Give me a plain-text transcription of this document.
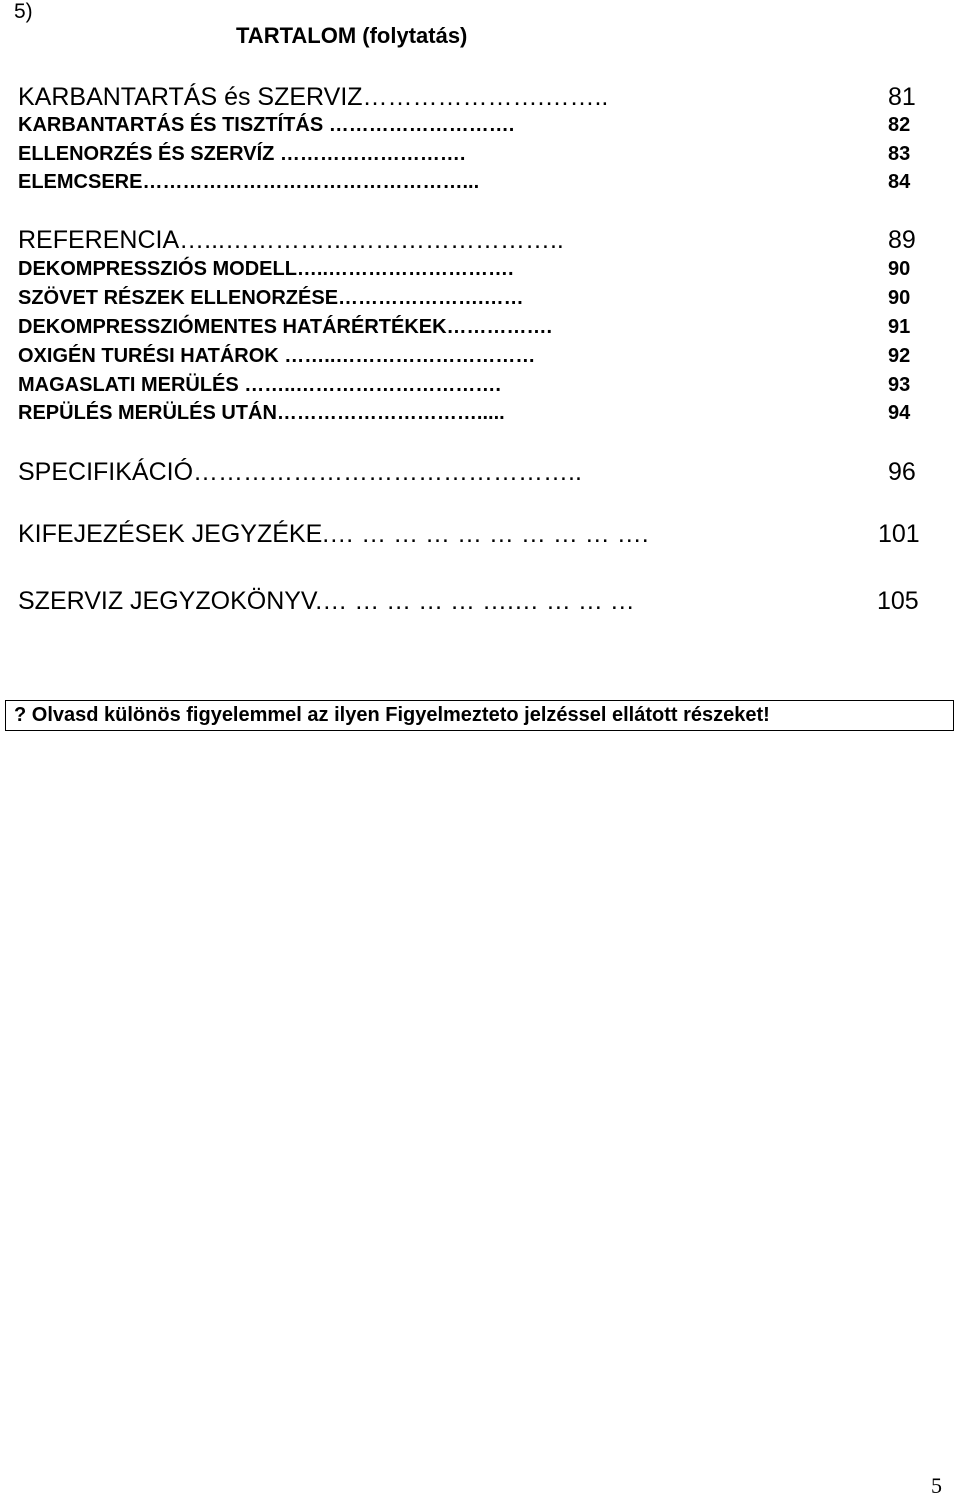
5)
TARTALOM (folytatás)
KARBANTARTÁS és SZERVIZ………………….……..	81
KARBANTARTÁS ÉS TISZTÍTÁS ……………………….	82
ELLENORZÉS ÉS SZERVÍZ ……………………….	83
ELEMCSERE…………………………………………...	84
REFERENCIA…...…………………………………..	89
DEKOMPRESSZIÓS MODELL…..……………………….	90
SZÖVET RÉSZEK ELLENORZÉSE………………….……	90
DEKOMPRESSZIÓMENTES HATÁRÉRTÉKEK…………….	91
OXIGÉN TURÉSI HATÁROK ……..…………………………	92
MAGASLATI MERÜLÉS ……..………………………….	93
REPÜLÉS MERÜLÉS UTÁN………………………….....	94
SPECIFIKÁCIÓ………………………………………..	96
KIFEJEZÉSEK JEGYZÉKE.… … … … … … … … … ….	101
SZERVIZ JEGYZOKÖNYV.… … … … … ….… … … …	105
? Olvasd különös figyelemmel az ilyen Figyelmezteto jelzéssel ellátott részeket!
5
